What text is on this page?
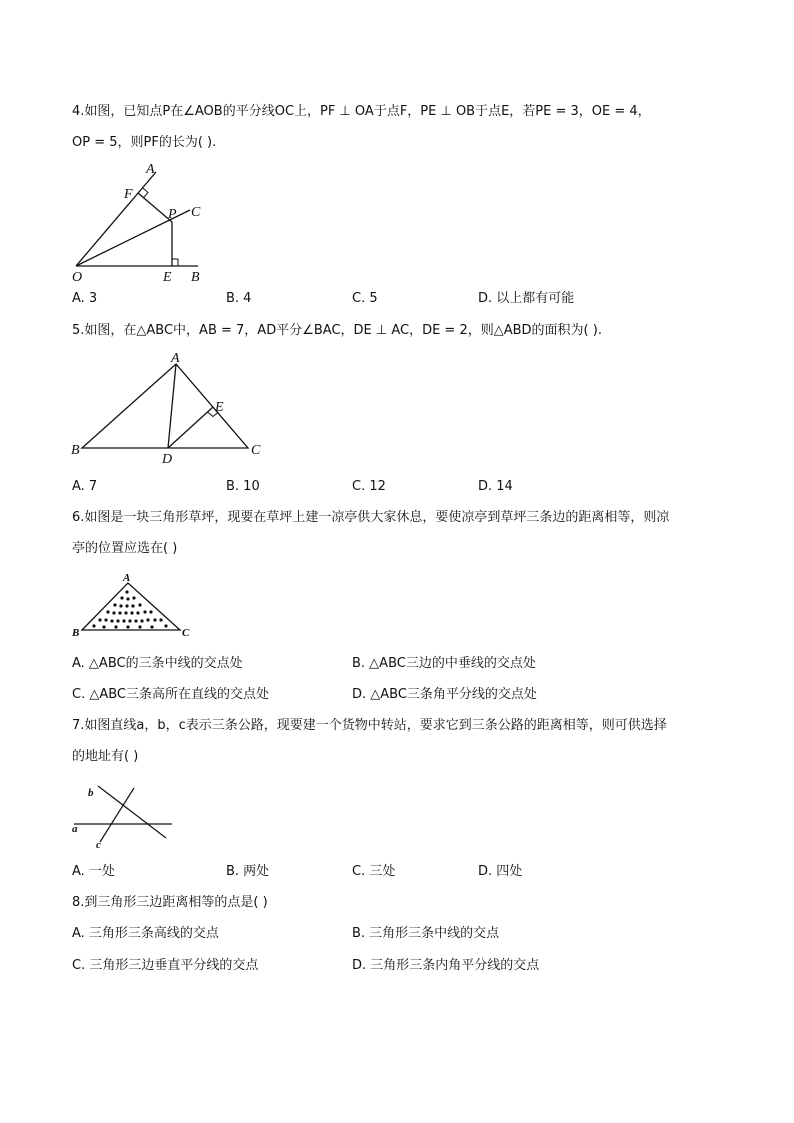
4.如图，已知点P在∠AOB的平分线OC上，PF ⊥ OA于点F，PE ⊥ OB于点E，若PE = 3，OE = 4，
OP = 5，则PF的长为( ).
A
F
P C
O	E B
A. 3	B. 4	C. 5	D. 以上都有可能
5.如图，在△ABC中，AB = 7，AD平分∠BAC，DE ⊥ AC，DE = 2，则△ABD的面积为( ).
A
E
B
D
C
A. 7	B. 10	C. 12	D. 14
6.如图是一块三角形草坪，现要在草坪上建一凉亭供大家休息，要使凉亭到草坪三条边的距离相等，则凉
亭的位置应选在( )
A
B	C
A. △ABC的三条中线的交点处	B. △ABC三边的中垂线的交点处
C. △ABC三条高所在直线的交点处	D. △ABC三条角平分线的交点处
7.如图直线a，b，c表示三条公路，现要建一个货物中转站，要求它到三条公路的距离相等，则可供选择
的地址有( )
b
a
c
A. 一处	B. 两处	C. 三处	D. 四处
8.到三角形三边距离相等的点是( )
A. 三角形三条高线的交点	B. 三角形三条中线的交点
C. 三角形三边垂直平分线的交点	D. 三角形三条内角平分线的交点
